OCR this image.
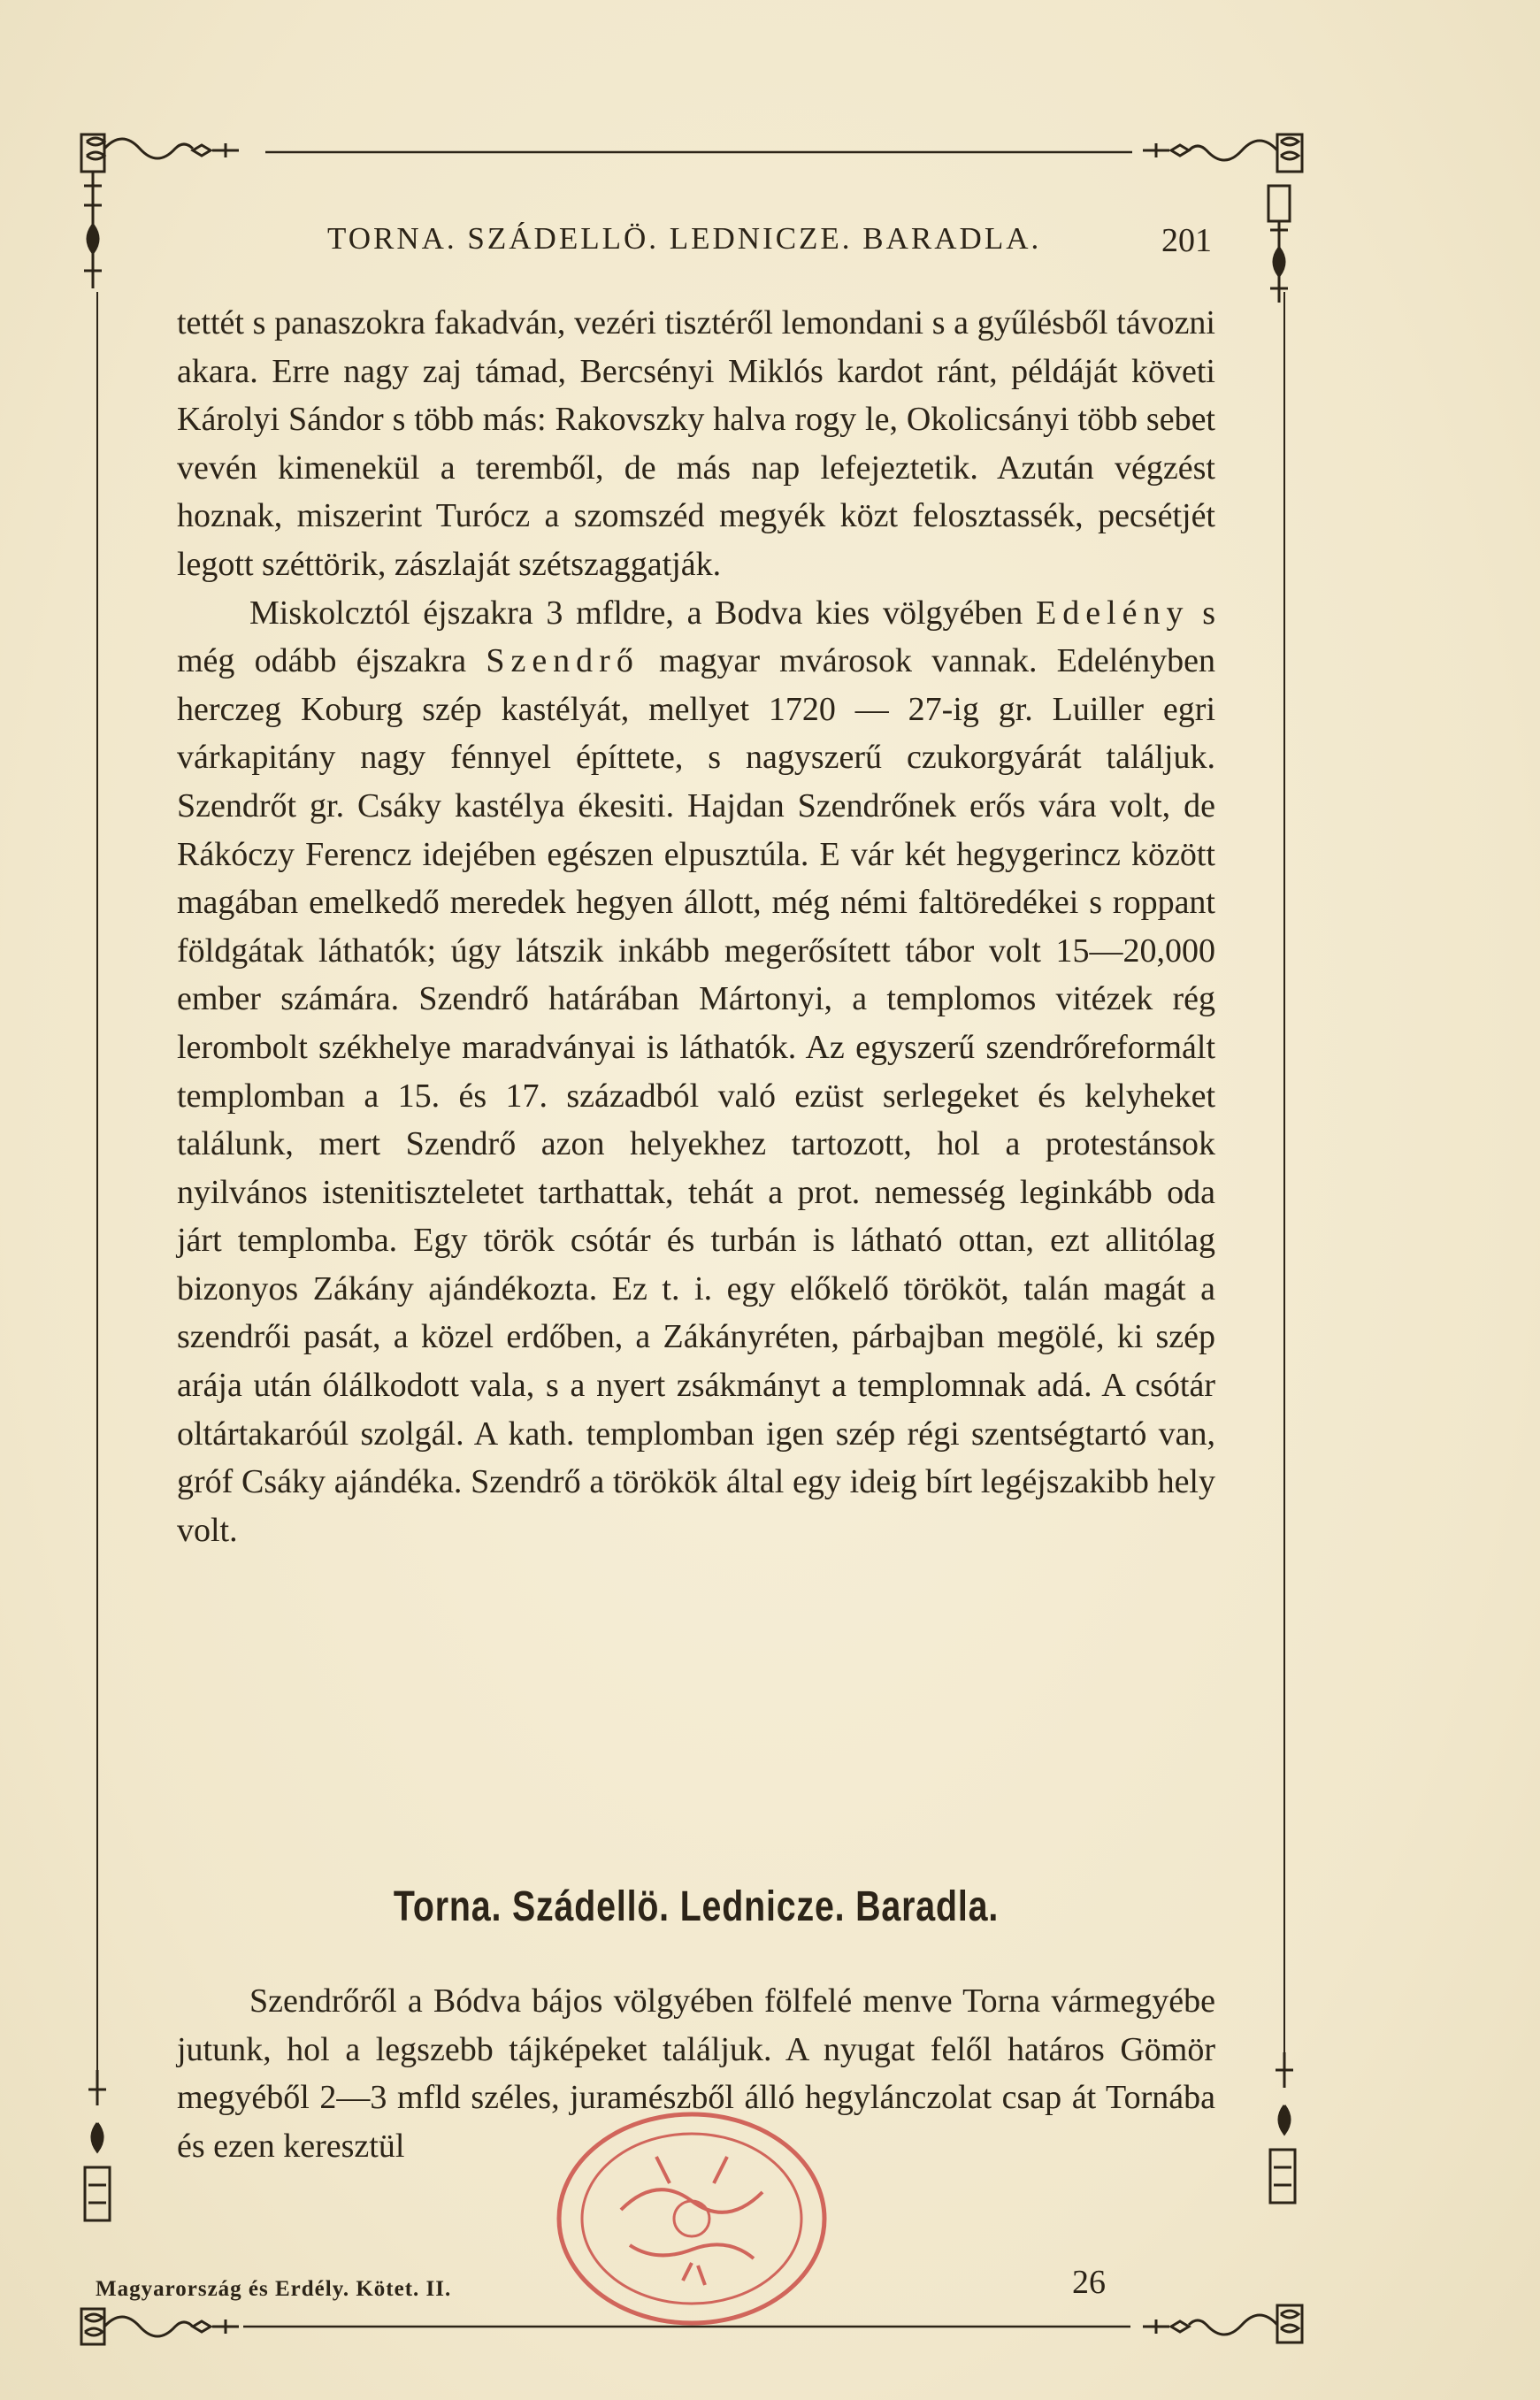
TORNA. SZÁDELLÖ. LEDNICZE. BARADLA.	201

tettét s panaszokra fakadván, vezéri tisztéről lemondani s a gyűlésből távozni akara. Erre nagy zaj támad, Bercsényi Miklós kardot ránt, példáját követi Károlyi Sándor s több más: Rakovszky halva rogy le, Okolicsányi több sebet vevén kimenekül a teremből, de más nap lefejeztetik. Azután végzést hoznak, miszerint Turócz a szomszéd megyék közt felosztassék, pecsétjét legott széttörik, zászlaját szétszaggatják.

Miskolcztól éjszakra 3 mfldre, a Bodva kies völgyében Edelény s még odább éjszakra Szendrő magyar mvárosok vannak. Edelényben herczeg Koburg szép kastélyát, mellyet 1720 — 27-ig gr. Luiller egri várkapitány nagy fénnyel építtete, s nagyszerű czukorgyárát találjuk. Szendrőt gr. Csáky kastélya ékesiti. Hajdan Szendrőnek erős vára volt, de Rákóczy Ferencz idejében egészen elpusztúla. E vár két hegygerincz között magában emelkedő meredek hegyen állott, még némi faltöredékei s roppant földgátak láthatók; úgy látszik inkább megerősített tábor volt 15—20,000 ember számára. Szendrő határában Mártonyi, a templomos vitézek rég lerombolt székhelye maradványai is láthatók. Az egyszerű szendrőreformált templomban a 15. és 17. századból való ezüst serlegeket és kelyheket találunk, mert Szendrő azon helyekhez tartozott, hol a protestánsok nyilvános istenitiszteletet tarthattak, tehát a prot. nemesség leginkább oda járt templomba. Egy török csótár és turbán is látható ottan, ezt allitólag bizonyos Zákány ajándékozta. Ez t. i. egy előkelő törököt, talán magát a szendrői pasát, a közel erdőben, a Zákányréten, párbajban megölé, ki szép arája után ólálkodott vala, s a nyert zsákmányt a templomnak adá. A csótár oltártakaróúl szolgál. A kath. templomban igen szép régi szentségtartó van, gróf Csáky ajándéka. Szendrő a törökök által egy ideig bírt legéjszakibb hely volt.

Torna. Szádellö. Lednicze. Baradla.

Szendrőről a Bódva bájos völgyében fölfelé menve Torna vármegyébe jutunk, hol a legszebb tájképeket találjuk. A nyugat felől határos Gömör megyéből 2—3 mfld széles, juramészből álló hegylánczolat csap át Tornába és ezen keresztül

Magyarország és Erdély. Kötet. II.	26
